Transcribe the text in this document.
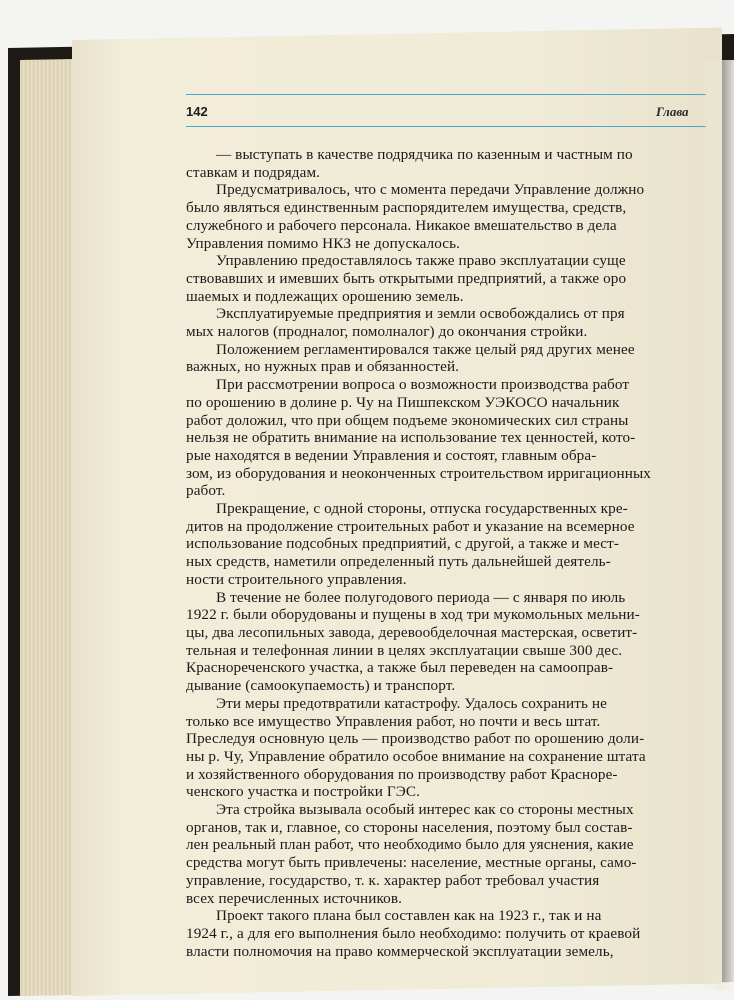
142	Глава
— выступать в качестве подрядчика по казенным и частным по
ставкам и подрядам.
Предусматривалось, что с момента передачи Управление должно
было являться единственным распорядителем имущества, средств,
служебного и рабочего персонала. Никакое вмешательство в дела
Управления помимо НКЗ не допускалось.
Управлению предоставлялось также право эксплуатации суще
ствовавших и имевших быть открытыми предприятий, а также оро
шаемых и подлежащих орошению земель.
Эксплуатируемые предприятия и земли освобождались от пря
мых налогов (продналог, помолналог) до окончания стройки.
Положением регламентировался также целый ряд других менее
важных, но нужных прав и обязанностей.
При рассмотрении вопроса о возможности производства работ
по орошению в долине р. Чу на Пишпекском УЭКОСО начальник
работ доложил, что при общем подъеме экономических сил страны
нельзя не обратить внимание на использование тех ценностей, кото-
рые находятся в ведении Управления и состоят, главным обра-
зом, из оборудования и неоконченных строительством ирригационных
работ.
Прекращение, с одной стороны, отпуска государственных кре-
дитов на продолжение строительных работ и указание на всемерное
использование подсобных предприятий, с другой, а также и мест-
ных средств, наметили определенный путь дальнейшей деятель-
ности строительного управления.
В течение не более полугодового периода — с января по июль
1922 г. были оборудованы и пущены в ход три мукомольных мельни-
цы, два лесопильных завода, деревообделочная мастерская, осветит-
тельная и телефонная линии в целях эксплуатации свыше 300 дес.
Краснореченского участка, а также был переведен на самооправ-
дывание (самоокупаемость) и транспорт.
Эти меры предотвратили катастрофу. Удалось сохранить не
только все имущество Управления работ, но почти и весь штат.
Преследуя основную цель — производство работ по орошению доли-
ны р. Чу, Управление обратило особое внимание на сохранение штата
и хозяйственного оборудования по производству работ Красноре-
ченского участка и постройки ГЭС.
Эта стройка вызывала особый интерес как со стороны местных
органов, так и, главное, со стороны населения, поэтому был состав-
лен реальный план работ, что необходимо было для уяснения, какие
средства могут быть привлечены: население, местные органы, само-
управление, государство, т. к. характер работ требовал участия
всех перечисленных источников.
Проект такого плана был составлен как на 1923 г., так и на
1924 г., а для его выполнения было необходимо: получить от краевой
власти полномочия на право коммерческой эксплуатации земель,
